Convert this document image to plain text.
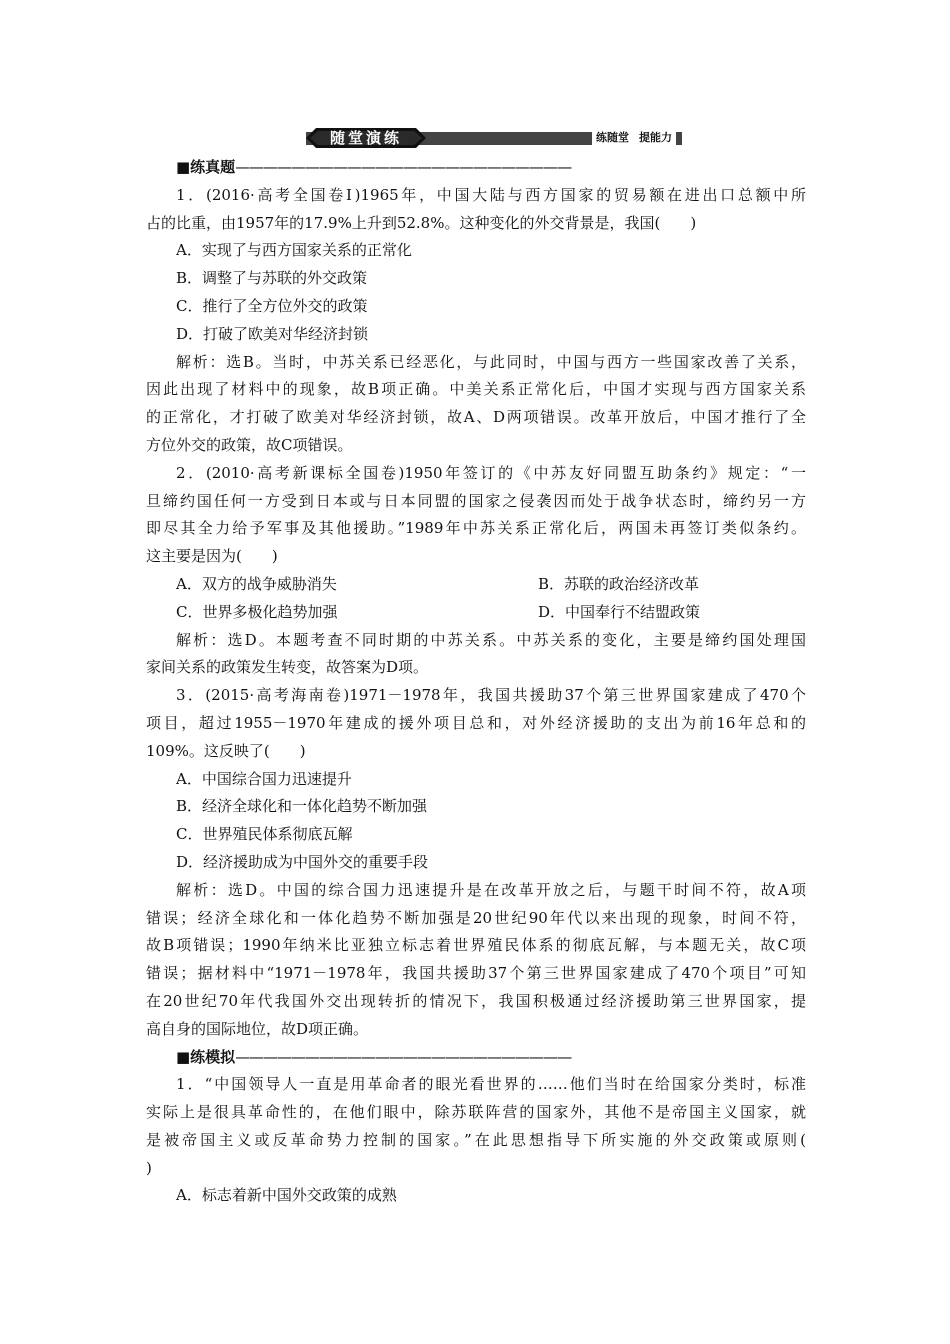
随堂演练	练随堂 提能力
■练真题————————————————————————
1．(2016·高考全国卷Ⅰ)1965年，中国大陆与西方国家的贸易额在进出口总额中所
占的比重，由1957年的17.9%上升到52.8%。这种变化的外交背景是，我国(　　)
A．实现了与西方国家关系的正常化
B．调整了与苏联的外交政策
C．推行了全方位外交的政策
D．打破了欧美对华经济封锁
解析：选B。当时，中苏关系已经恶化，与此同时，中国与西方一些国家改善了关系，
因此出现了材料中的现象，故B项正确。中美关系正常化后，中国才实现与西方国家关系
的正常化，才打破了欧美对华经济封锁，故A、D两项错误。改革开放后，中国才推行了全
方位外交的政策，故C项错误。
2．(2010·高考新课标全国卷)1950年签订的《中苏友好同盟互助条约》规定：“一
旦缔约国任何一方受到日本或与日本同盟的国家之侵袭因而处于战争状态时，缔约另一方
即尽其全力给予军事及其他援助。”1989年中苏关系正常化后，两国未再签订类似条约。
这主要是因为(　　)
A．双方的战争威胁消失	B．苏联的政治经济改革
C．世界多极化趋势加强	D．中国奉行不结盟政策
解析：选D。本题考查不同时期的中苏关系。中苏关系的变化，主要是缔约国处理国
家间关系的政策发生转变，故答案为D项。
3．(2015·高考海南卷)1971－1978年，我国共援助37个第三世界国家建成了470个
项目，超过1955－1970年建成的援外项目总和，对外经济援助的支出为前16年总和的
109%。这反映了(　　)
A．中国综合国力迅速提升
B．经济全球化和一体化趋势不断加强
C．世界殖民体系彻底瓦解
D．经济援助成为中国外交的重要手段
解析：选D。中国的综合国力迅速提升是在改革开放之后，与题干时间不符，故A项
错误；经济全球化和一体化趋势不断加强是20世纪90年代以来出现的现象，时间不符，
故B项错误；1990年纳米比亚独立标志着世界殖民体系的彻底瓦解，与本题无关，故C项
错误；据材料中“1971－1978年，我国共援助37个第三世界国家建成了470个项目”可知
在20世纪70年代我国外交出现转折的情况下，我国积极通过经济援助第三世界国家，提
高自身的国际地位，故D项正确。
■练模拟————————————————————————
1．“中国领导人一直是用革命者的眼光看世界的……他们当时在给国家分类时，标准
实际上是很具革命性的，在他们眼中，除苏联阵营的国家外，其他不是帝国主义国家，就
是被帝国主义或反革命势力控制的国家。”在此思想指导下所实施的外交政策或原则(
)
A．标志着新中国外交政策的成熟
